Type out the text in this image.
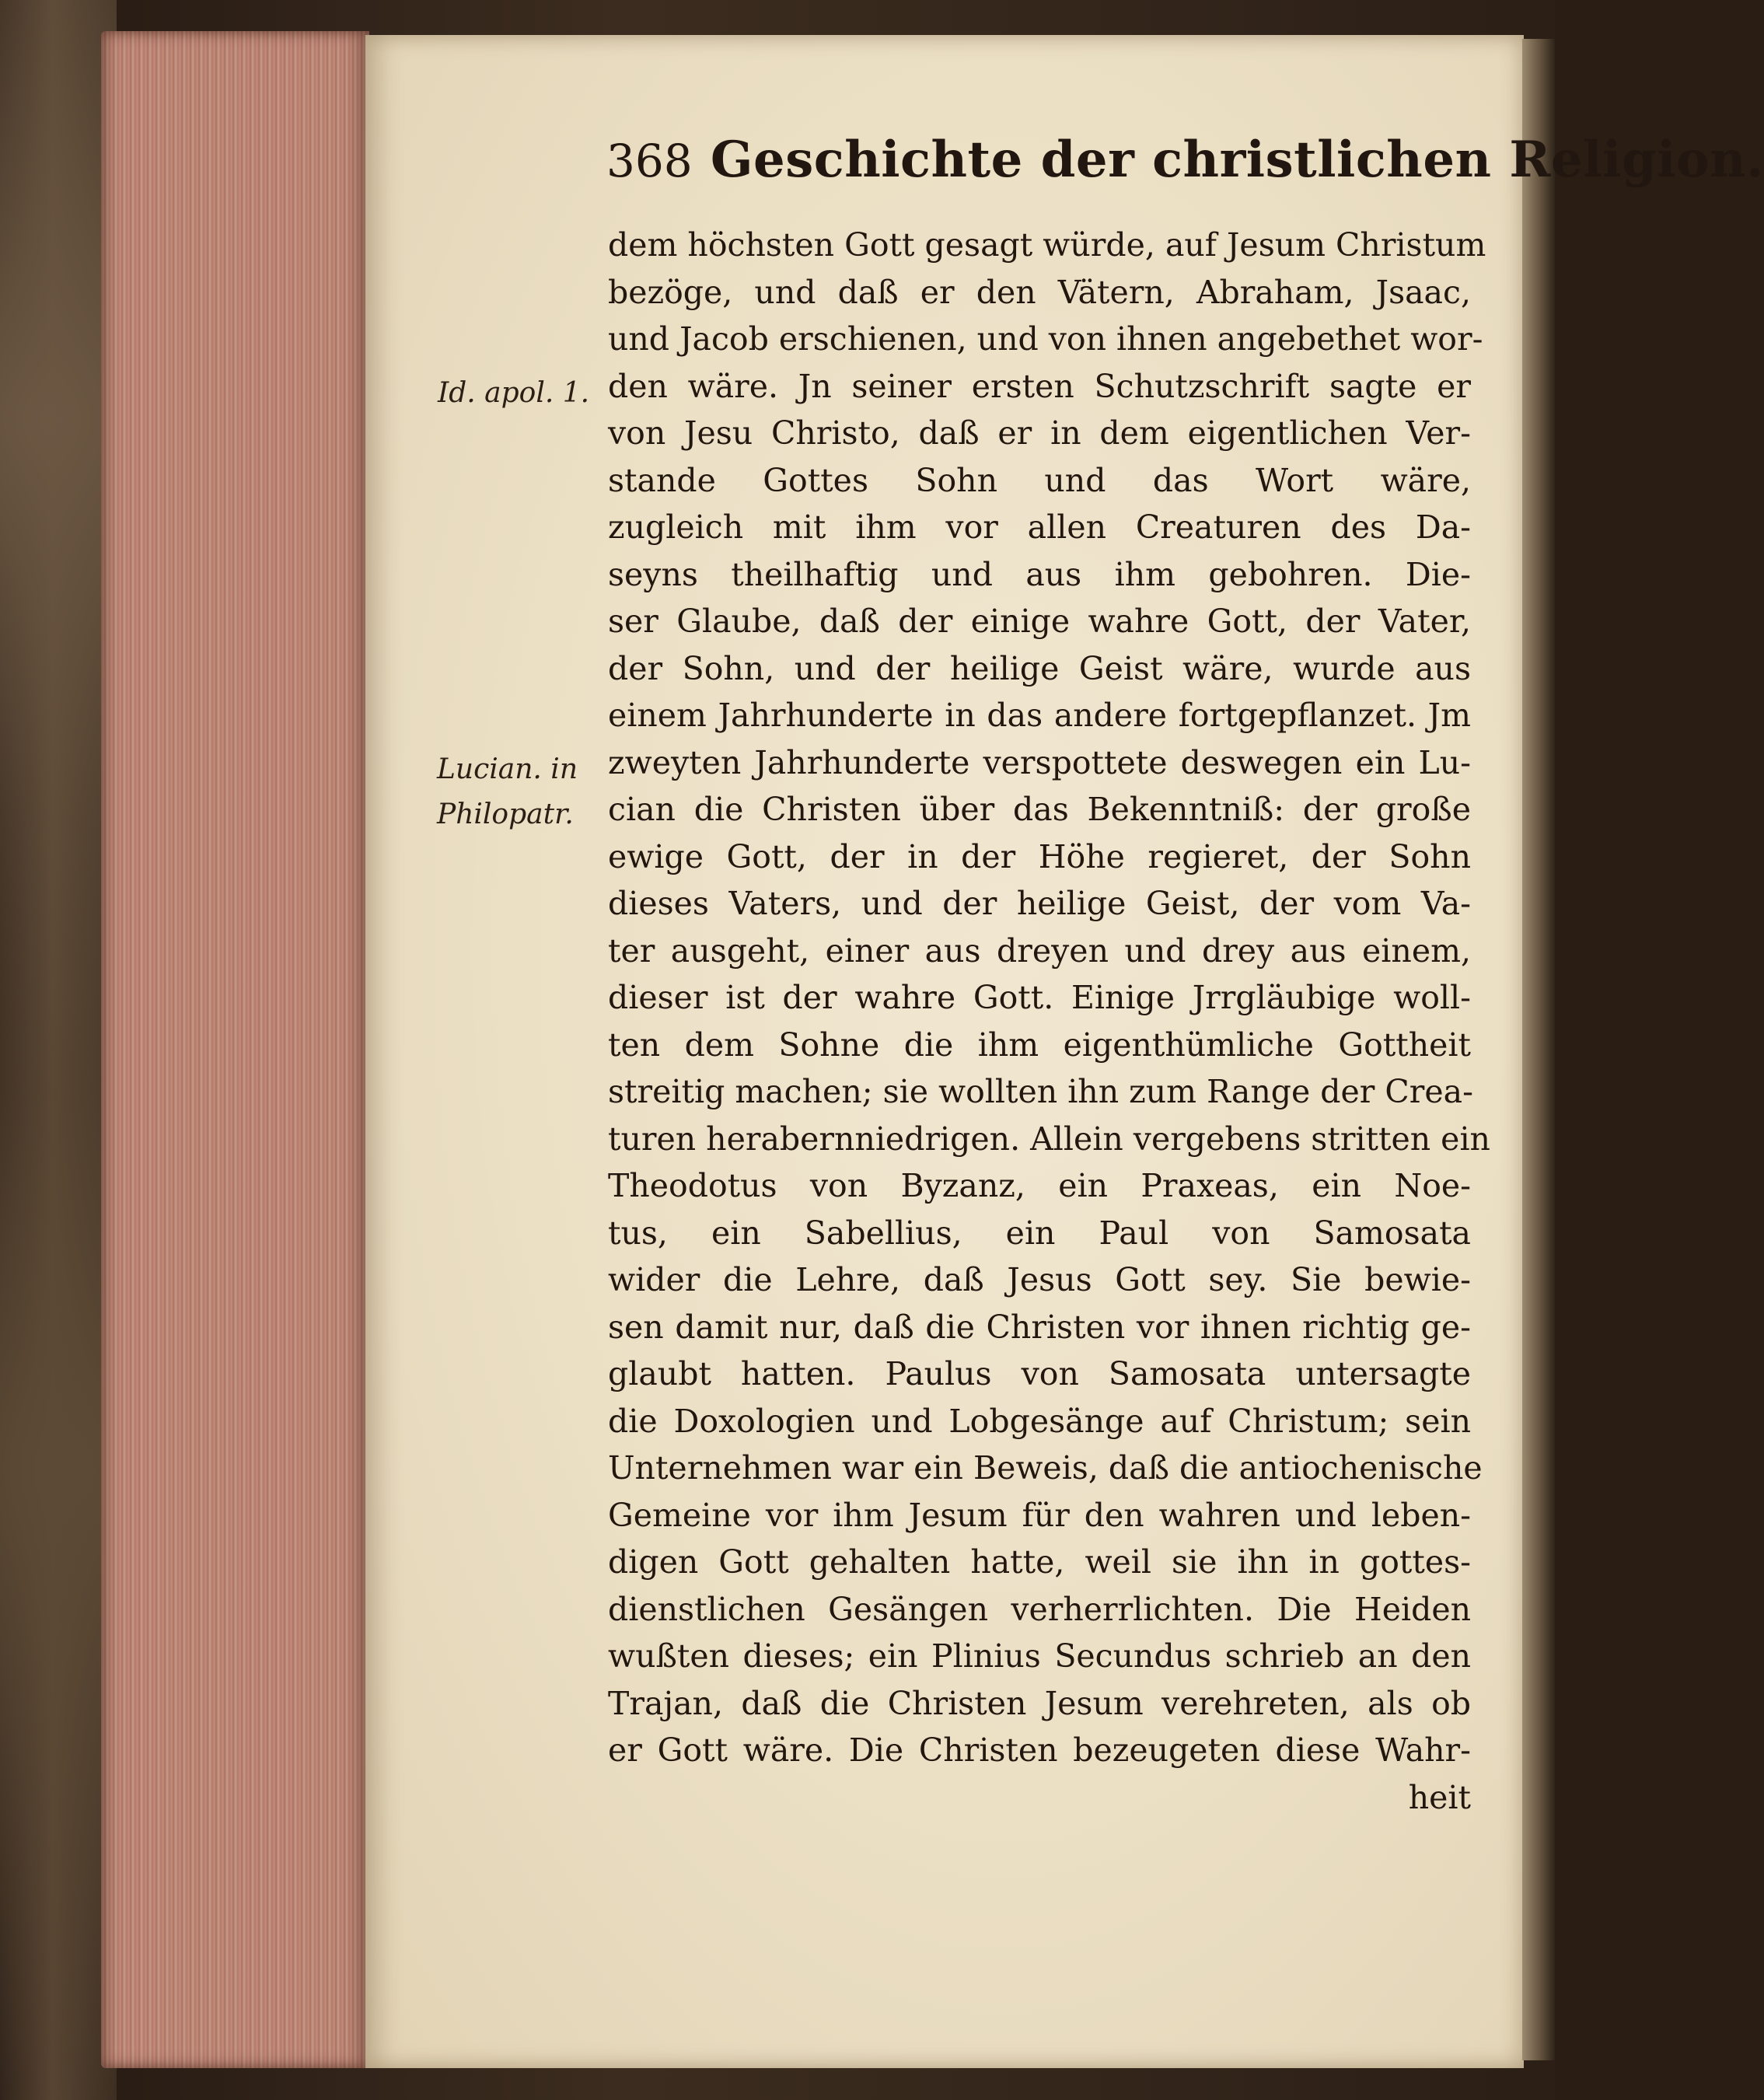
368 Geschichte der christlichen Religion.
Id. apol. 1.
Lucian. in
Philopatr.
dem höchsten Gott gesagt würde, auf Jesum Christum
bezöge, und daß er den Vätern, Abraham, Jsaac,
und Jacob erschienen, und von ihnen angebethet wor-
den wäre. Jn seiner ersten Schutzschrift sagte er
von Jesu Christo, daß er in dem eigentlichen Ver-
stande Gottes Sohn und das Wort wäre,
zugleich mit ihm vor allen Creaturen des Da-
seyns theilhaftig und aus ihm gebohren. Die-
ser Glaube, daß der einige wahre Gott, der Vater,
der Sohn, und der heilige Geist wäre, wurde aus
einem Jahrhunderte in das andere fortgepflanzet. Jm
zweyten Jahrhunderte verspottete deswegen ein Lu-
cian die Christen über das Bekenntniß: der große
ewige Gott, der in der Höhe regieret, der Sohn
dieses Vaters, und der heilige Geist, der vom Va-
ter ausgeht, einer aus dreyen und drey aus einem,
dieser ist der wahre Gott. Einige Jrrgläubige woll-
ten dem Sohne die ihm eigenthümliche Gottheit
streitig machen; sie wollten ihn zum Range der Crea-
turen herabernniedrigen. Allein vergebens stritten ein
Theodotus von Byzanz, ein Praxeas, ein Noe-
tus, ein Sabellius, ein Paul von Samosata
wider die Lehre, daß Jesus Gott sey. Sie bewie-
sen damit nur, daß die Christen vor ihnen richtig ge-
glaubt hatten. Paulus von Samosata untersagte
die Doxologien und Lobgesänge auf Christum; sein
Unternehmen war ein Beweis, daß die antiochenische
Gemeine vor ihm Jesum für den wahren und leben-
digen Gott gehalten hatte, weil sie ihn in gottes-
dienstlichen Gesängen verherrlichten. Die Heiden
wußten dieses; ein Plinius Secundus schrieb an den
Trajan, daß die Christen Jesum verehreten, als ob
er Gott wäre. Die Christen bezeugeten diese Wahr-
heit
